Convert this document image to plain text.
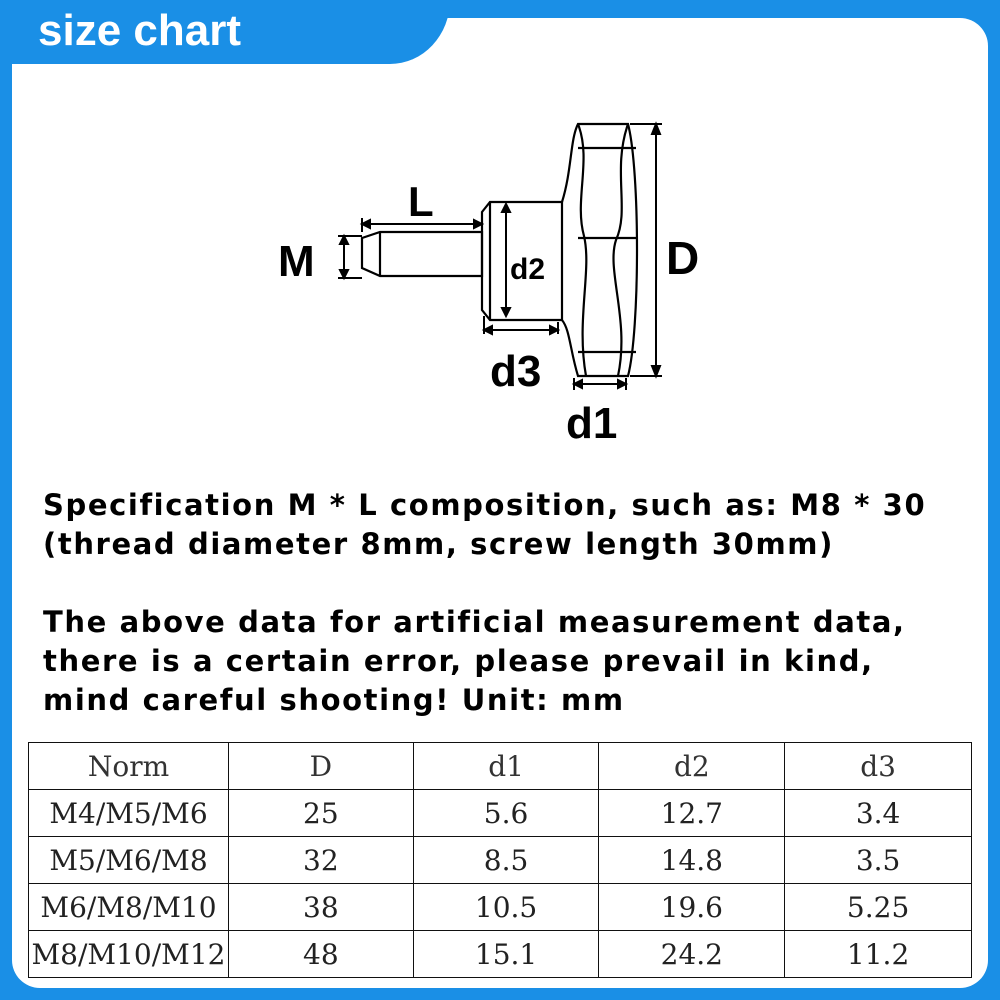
size chart
M
L
d2	D
d3
d1

Specification M * L composition, such as: M8 * 30

(thread diameter 8mm, screw length 30mm)

The above data for artificial measurement data,

there is a certain error, please prevail in kind,

mind careful shooting! Unit: mm

Norm	D	d1	d2	d3
M4/M5/M6	25	5.6	12.7	3.4
M5/M6/M8	32	8.5	14.8	3.5
M6/M8/M10	38	10.5	19.6	5.25
M8/M10/M12	48	15.1	24.2	11.2
